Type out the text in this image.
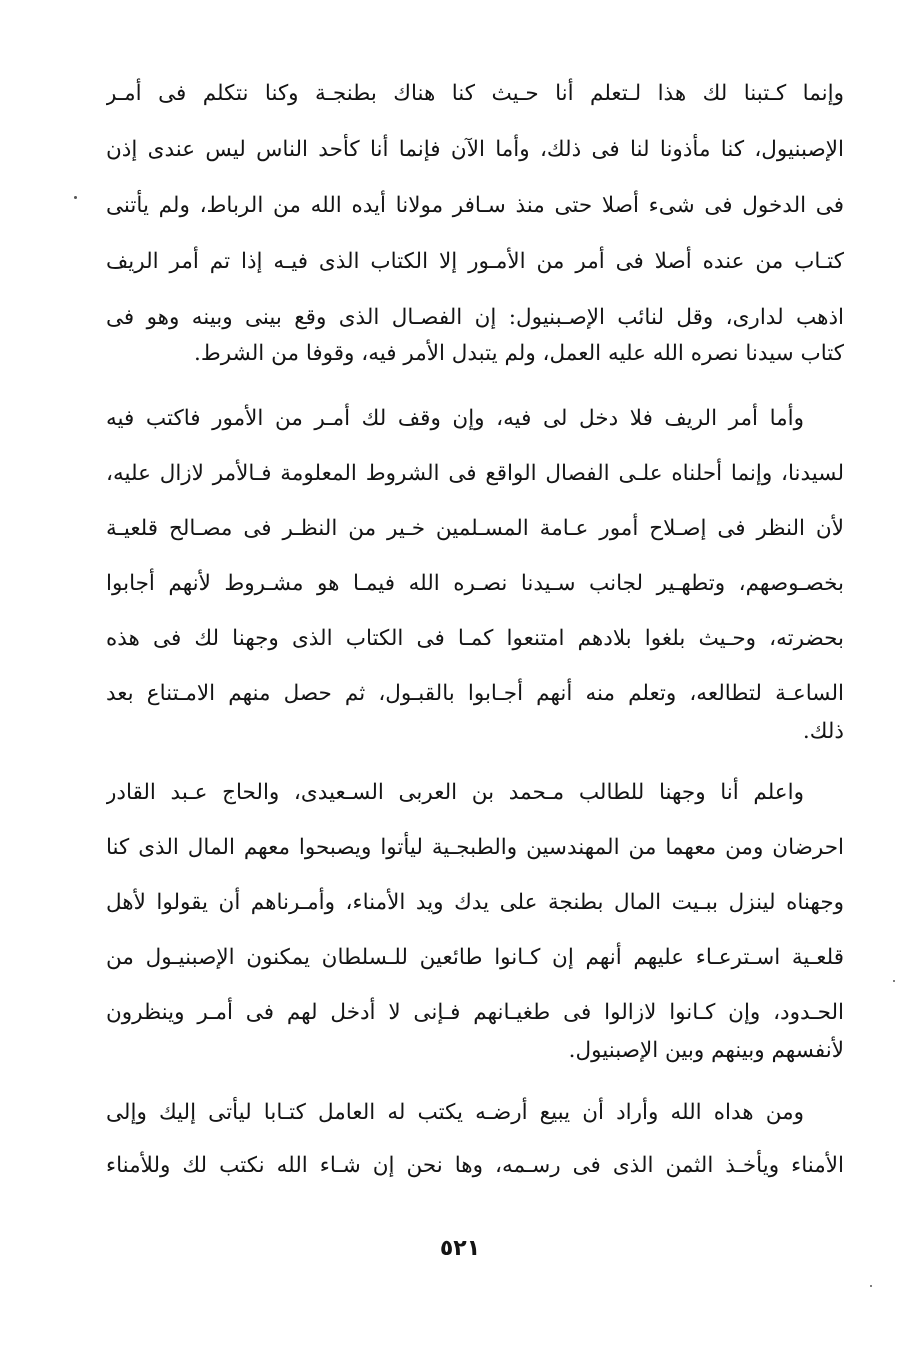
وإنما كـتبنا لك هذا لـتعلم أنا حـيث كنا هناك بطنجـة وكنا نتكلم فى أمـر
الإصبنيول، كنا مأذونا لنا فى ذلك، وأما الآن فإنما أنا كأحد الناس ليس عندى إذن
فى الدخول فى شىء أصلا حتى منذ سـافر مولانا أيده الله من الرباط، ولم يأتنى
كتـاب من عنده أصلا فى أمر من الأمـور إلا الكتاب الذى فيـه إذا تم أمر الريف
اذهب لدارى، وقل لنائب الإصـبنيول: إن الفصـال الذى وقع بينى وبينه وهو فى
كتاب سيدنا نصره الله عليه العمل، ولم يتبدل الأمر فيه، وقوفا من الشرط.
وأما أمر الريف فلا دخل لى فيه، وإن وقف لك أمـر من الأمور فاكتب فيه
لسيدنا، وإنما أحلناه علـى الفصال الواقع فى الشروط المعلومة فـالأمر لازال عليه،
لأن النظر فى إصـلاح أمور عـامة المسـلمين خـير من النظـر فى مصـالح قلعيـة
بخصـوصهم، وتطهـير لجانب سـيدنا نصـره الله فيمـا هو مشـروط لأنهم أجابوا
بحضرته، وحـيث بلغوا بلادهم امتنعوا كمـا فى الكتاب الذى وجهنا لك فى هذه
الساعـة لتطالعه، وتعلم منه أنهم أجـابوا بالقبـول، ثم حصل منهم الامـتناع بعد
ذلك.
واعلم أنا وجهنا للطالب مـحمد بن العربى السـعيدى، والحاج عـبد القادر
احرضان ومن معهما من المهندسين والطبجـية ليأتوا ويصبحوا معهم المال الذى كنا
وجهناه لينزل ببـيت المال بطنجة على يدك ويد الأمناء، وأمـرناهم أن يقولوا لأهل
قلعـية اسـترعـاء عليهم أنهم إن كـانوا طائعين للـسلطان يمكنون الإصبنيـول من
الحـدود، وإن كـانوا لازالوا فى طغيـانهم فـإنى لا أدخل لهم فى أمـر وينظرون
لأنفسهم وبينهم وبين الإصبنيول.
ومن هداه الله وأراد أن يبيع أرضـه يكتب له العامل كتـابا ليأتى إليك وإلى
الأمناء ويأخـذ الثمن الذى فى رسـمه، وها نحن إن شـاء الله نكتب لك وللأمناء
٥٢١
